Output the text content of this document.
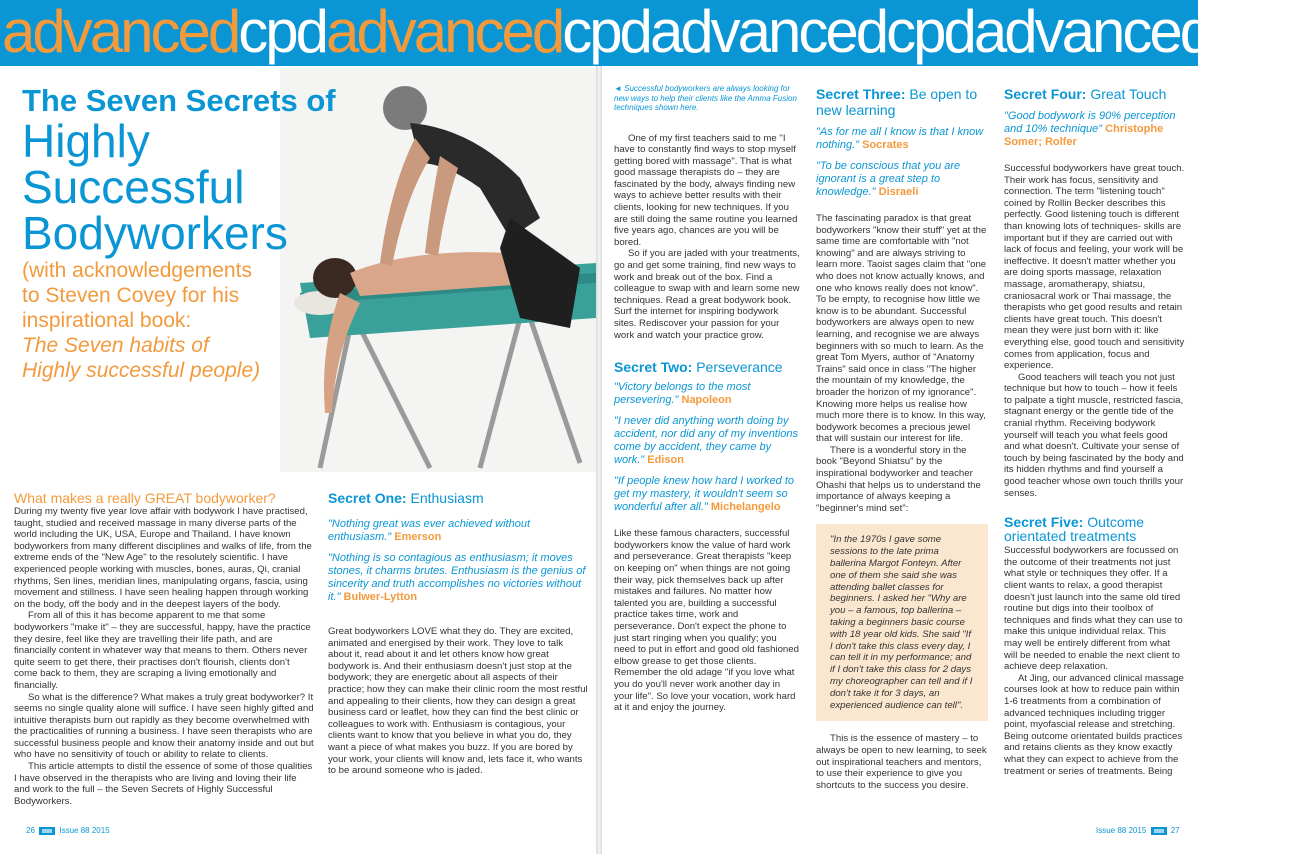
advancedcpdadvancedcpdadvancedcpdadvancedcpd
The Seven Secrets of
Highly Successful Bodyworkers
(with acknowledgements to Steven Covey for his inspirational book:
The Seven habits of Highly successful people)
What makes a really GREAT bodyworker?

During my twenty five year love affair with bodywork I have practised, taught, studied and received massage in many diverse parts of the world including the UK, USA, Europe and Thailand. I have known bodyworkers from many different disciplines and walks of life, from the extreme ends of the "New Age" to the resolutely scientific. I have experienced people working with muscles, bones, auras, Qi, cranial rhythms, Sen lines, meridian lines, manipulating organs, fascia, using movement and stillness. I have seen healing happen through working on the body, off the body and in the deepest layers of the body.

From all of this it has become apparent to me that some bodyworkers "make it" – they are successful, happy, have the practice they desire, feel like they are travelling their life path, and are financially content in whatever way that means to them. Others never quite seem to get there, their practises don't flourish, clients don't come back to them, they are scraping a living emotionally and financially.

So what is the difference? What makes a truly great bodyworker? It seems no single quality alone will suffice. I have seen highly gifted and intuitive therapists burn out rapidly as they become overwhelmed with the practicalities of running a business. I have seen therapists who are successful business people and know their anatomy inside and out but who have no sensitivity of touch or ability to relate to clients.

This article attempts to distil the essence of some of those qualities I have observed in the therapists who are living and loving their life and work to the full – the Seven Secrets of Highly Successful Bodyworkers.

Secret One: Enthusiasm
"Nothing great was ever achieved without enthusiasm." Emerson
"Nothing is so contagious as enthusiasm; it moves stones, it charms brutes. Enthusiasm is the genius of sincerity and truth accomplishes no victories without it." Bulwer-Lytton

Great bodyworkers LOVE what they do. They are excited, animated and energised by their work. They love to talk about it, read about it and let others know how great bodywork is. And their enthusiasm doesn't just stop at the bodywork; they are energetic about all aspects of their practice; how they can make their clinic room the most restful and appealing to their clients, how they can design a great business card or leaflet, how they can find the best clinic or colleagues to work with. Enthusiasm is contagious, your clients want to know that you believe in what you do, they want a piece of what makes you buzz. If you are bored by your work, your clients will know and, lets face it, who wants to be around someone who is jaded.

◄ Successful bodyworkers are always looking for new ways to help their clients like the Amma Fusion techniques shown here.

One of my first teachers said to me "I have to constantly find ways to stop myself getting bored with massage". That is what good massage therapists do – they are fascinated by the body, always finding new ways to achieve better results with their clients, looking for new techniques. If you are still doing the same routine you learned five years ago, chances are you will be bored.

So if you are jaded with your treatments, go and get some training, find new ways to work and break out of the box. Find a colleague to swap with and learn some new techniques. Read a great bodywork book. Surf the internet for inspiring bodywork sites. Rediscover your passion for your work and watch your practice grow.

Secret Two: Perseverance
"Victory belongs to the most persevering." Napoleon
"I never did anything worth doing by accident, nor did any of my inventions come by accident, they came by work." Edison
"If people knew how hard I worked to get my mastery, it wouldn't seem so wonderful after all." Michelangelo

Like these famous characters, successful bodyworkers know the value of hard work and perseverance. Great therapists "keep on keeping on" when things are not going their way, pick themselves back up after mistakes and failures. No matter how talented you are, building a successful practice takes time, work and perseverance. Don't expect the phone to just start ringing when you qualify; you need to put in effort and good old fashioned elbow grease to get those clients. Remember the old adage "if you love what you do you'll never work another day in your life". So love your vocation, work hard at it and enjoy the journey.

Secret Three: Be open to new learning
"As for me all I know is that I know nothing." Socrates
"To be conscious that you are ignorant is a great step to knowledge." Disraeli

The fascinating paradox is that great bodyworkers "know their stuff" yet at the same time are comfortable with "not knowing" and are always striving to learn more. Taoist sages claim that "one who does not know actually knows, and one who knows really does not know". To be empty, to recognise how little we know is to be abundant. Successful bodyworkers are always open to new learning, and recognise we are always beginners with so much to learn. As the great Tom Myers, author of "Anatomy Trains" said once in class "The higher the mountain of my knowledge, the broader the horizon of my ignorance". Knowing more helps us realise how much more there is to know. In this way, bodywork becomes a precious jewel that will sustain our interest for life.

There is a wonderful story in the book "Beyond Shiatsu" by the inspirational bodyworker and teacher Ohashi that helps us to understand the importance of always keeping a "beginner's mind set":

"In the 1970s I gave some sessions to the late prima ballerina Margot Fonteyn. After one of them she said she was attending ballet classes for beginners. I asked her "Why are you – a famous, top ballerina – taking a beginners basic course with 18 year old kids. She said "If I don't take this class every day, I can tell it in my performance; and if I don't take this class for 2 days my choreographer can tell and if I don't take it for 3 days, an experienced audience can tell".

This is the essence of mastery – to always be open to new learning, to seek out inspirational teachers and mentors, to use their experience to give you shortcuts to the success you desire.

Secret Four: Great Touch
"Good bodywork is 90% perception and 10% technique" Christophe Somer; Rolfer

Successful bodyworkers have great touch. Their work has focus, sensitivity and connection. The term "listening touch" coined by Rollin Becker describes this perfectly. Good listening touch is different than knowing lots of techniques- skills are important but if they are carried out with lack of focus and feeling, your work will be ineffective. It doesn't matter whether you are doing sports massage, relaxation massage, aromatherapy, shiatsu, craniosacral work or Thai massage, the therapists who get good results and retain clients have great touch. This doesn't mean they were just born with it: like everything else, good touch and sensitivity comes from application, focus and experience.

Good teachers will teach you not just technique but how to touch – how it feels to palpate a tight muscle, restricted fascia, stagnant energy or the gentle tide of the cranial rhythm. Receiving bodywork yourself will teach you what feels good and what doesn't. Cultivate your sense of touch by being fascinated by the body and its hidden rhythms and find yourself a good teacher whose own touch thrills your senses.

Secret Five: Outcome orientated treatments

Successful bodyworkers are focussed on the outcome of their treatments not just what style or techniques they offer. If a client wants to relax, a good therapist doesn't just launch into the same old tired routine but digs into their toolbox of techniques and finds what they can use to make this unique individual relax. This may well be entirely different from what will be needed to enable the next client to achieve deep relaxation.

At Jing, our advanced clinical massage courses look at how to reduce pain within 1-6 treatments from a combination of advanced techniques including trigger point, myofascial release and stretching. Being outcome orientated builds practices and retains clients as they know exactly what they can expect to achieve from the treatment or series of treatments. Being

26	Issue 88 2015	Issue 88 2015	27
